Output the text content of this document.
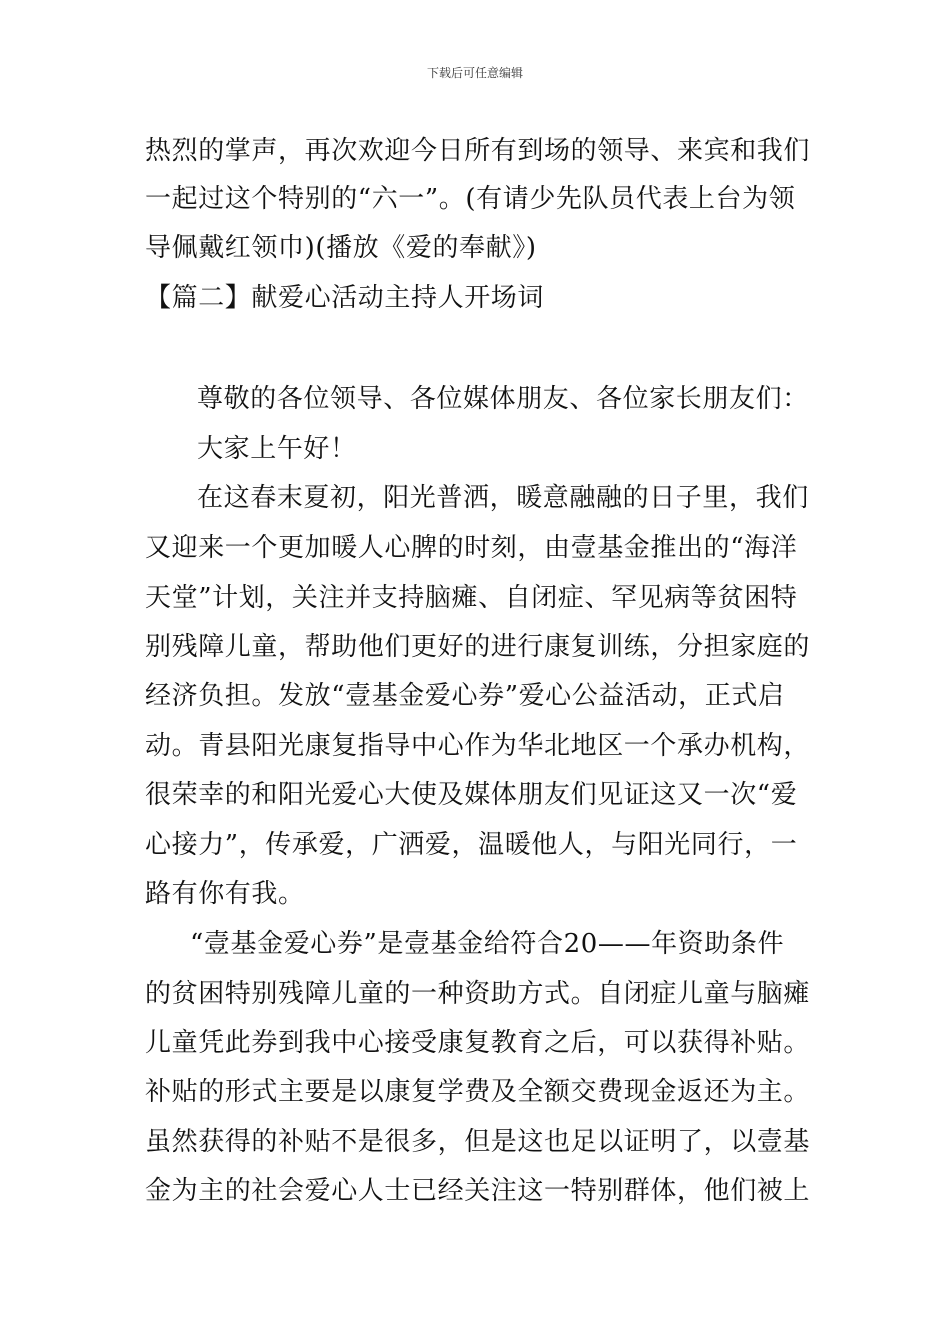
下载后可任意编辑
热烈的掌声，再次欢迎今日所有到场的领导、来宾和我们
一起过这个特别的“六一”。(有请少先队员代表上台为领
导佩戴红领巾)(播放《爱的奉献》)
【篇二】献爱心活动主持人开场词
尊敬的各位领导、各位媒体朋友、各位家长朋友们：
大家上午好！
在这春末夏初，阳光普洒，暖意融融的日子里，我们
又迎来一个更加暖人心脾的时刻，由壹基金推出的“海洋
天堂”计划，关注并支持脑瘫、自闭症、罕见病等贫困特
别残障儿童，帮助他们更好的进行康复训练，分担家庭的
经济负担。发放“壹基金爱心券”爱心公益活动，正式启
动。青县阳光康复指导中心作为华北地区一个承办机构，
很荣幸的和阳光爱心大使及媒体朋友们见证这又一次“爱
心接力”，传承爱，广洒爱，温暖他人，与阳光同行，一
路有你有我。
“壹基金爱心券”是壹基金给符合20——年资助条件
的贫困特别残障儿童的一种资助方式。自闭症儿童与脑瘫
儿童凭此券到我中心接受康复教育之后，可以获得补贴。
补贴的形式主要是以康复学费及全额交费现金返还为主。
虽然获得的补贴不是很多，但是这也足以证明了，以壹基
金为主的社会爱心人士已经关注这一特别群体，他们被上
